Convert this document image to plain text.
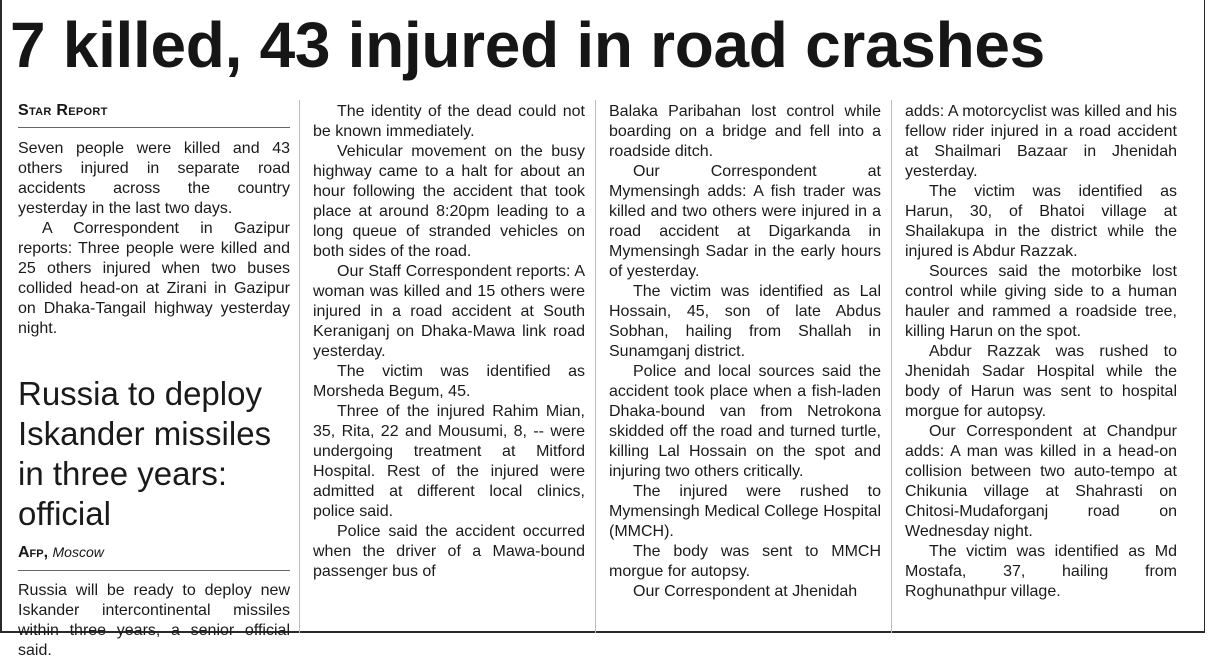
7 killed, 43 injured in road crashes
Star Report

Seven people were killed and 43 others injured in separate road accidents across the country yesterday in the last two days.

A Correspondent in Gazipur reports: Three people were killed and 25 others injured when two buses collided head-on at Zirani in Gazipur on Dhaka-Tangail highway yesterday night.

The identity of the dead could not be known immediately.

Vehicular movement on the busy highway came to a halt for about an hour following the accident that took place at around 8:20pm leading to a long queue of stranded vehicles on both sides of the road.

Our Staff Correspondent reports: A woman was killed and 15 others were injured in a road accident at South Keraniganj on Dhaka-Mawa link road yesterday.

The victim was identified as Morsheda Begum, 45.

Three of the injured Rahim Mian, 35, Rita, 22 and Mousumi, 8, -- were undergoing treatment at Mitford Hospital. Rest of the injured were admitted at different local clinics, police said.

Police said the accident occurred when the driver of a Mawa-bound passenger bus of

Balaka Paribahan lost control while boarding on a bridge and fell into a roadside ditch.

Our Correspondent at Mymensingh adds: A fish trader was killed and two others were injured in a road accident at Digarkanda in Mymensingh Sadar in the early hours of yesterday.

The victim was identified as Lal Hossain, 45, son of late Abdus Sobhan, hailing from Shallah in Sunamganj district.

Police and local sources said the accident took place when a fish-laden Dhaka-bound van from Netrokona skidded off the road and turned turtle, killing Lal Hossain on the spot and injuring two others critically.

The injured were rushed to Mymensingh Medical College Hospital (MMCH).

The body was sent to MMCH morgue for autopsy.

Our Correspondent at Jhenidah

adds: A motorcyclist was killed and his fellow rider injured in a road accident at Shailmari Bazaar in Jhenidah yesterday.

The victim was identified as Harun, 30, of Bhatoi village at Shailakupa in the district while the injured is Abdur Razzak.

Sources said the motorbike lost control while giving side to a human hauler and rammed a roadside tree, killing Harun on the spot.

Abdur Razzak was rushed to Jhenidah Sadar Hospital while the body of Harun was sent to hospital morgue for autopsy.

Our Correspondent at Chandpur adds: A man was killed in a head-on collision between two auto-tempo at Chikunia village at Shahrasti on Chitosi-Mudaforganj road on Wednesday night.

The victim was identified as Md Mostafa, 37, hailing from Roghunathpur village.

Russia to deploy Iskander missiles in three years: official
Afp, Moscow

Russia will be ready to deploy new Iskander intercontinental missiles within three years, a senior official said.
